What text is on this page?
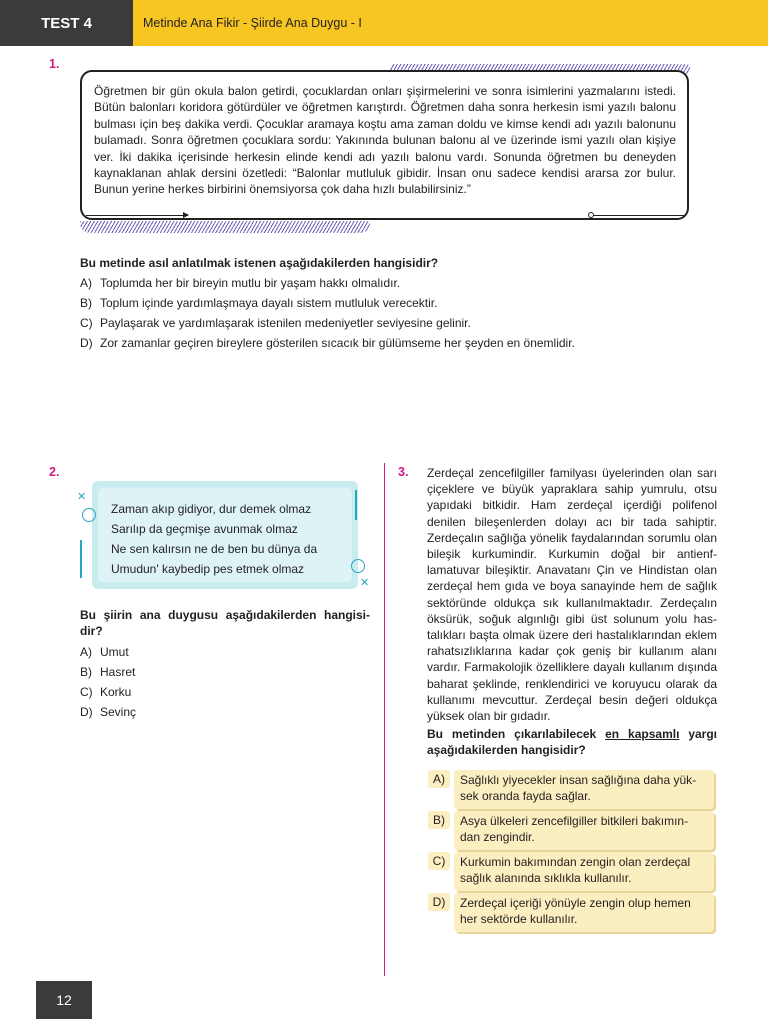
TEST 4	Metinde Ana Fikir - Şiirde Ana Duygu - I
1.
Öğretmen bir gün okula balon getirdi, çocuklardan onları şişirmelerini ve sonra isimlerini yazmalarını istedi. Bütün balonları koridora götürdüler ve öğretmen karıştırdı. Öğretmen daha sonra herkesin ismi yazılı balonu bulması için beş dakika verdi. Çocuklar aramaya koştu ama zaman doldu ve kimse kendi adı yazılı balonunu bulamadı. Sonra öğretmen çocuklara sordu: Yakınında bulunan balonu al ve üzerinde ismi yazılı olan kişiye ver. İki dakika içerisinde herkesin elinde kendi adı yazılı balonu vardı. Sonunda öğretmen bu deneyden kaynaklanan ahlak dersini özetledi: “Balonlar mutluluk gibidir. İnsan onu sadece kendisi ararsa zor bulur. Bunun yerine herkes birbirini önemsiyorsa çok daha hızlı bulabilirsiniz.”
Bu metinde asıl anlatılmak istenen aşağıdakilerden hangisidir?
A) Toplumda her bir bireyin mutlu bir yaşam hakkı olmalıdır.
B) Toplum içinde yardımlaşmaya dayalı sistem mutluluk verecektir.
C) Paylaşarak ve yardımlaşarak istenilen medeniyetler seviyesine gelinir.
D) Zor zamanlar geçiren bireylere gösterilen sıcacık bir gülümseme her şeyden en önemlidir.
2.
✕
✕
Zaman akıp gidiyor, dur demek olmaz
Sarılıp da geçmişe avunmak olmaz
Ne sen kalırsın ne de ben bu dünya da
Umudun' kaybedip pes etmek olmaz
Bu şiirin ana duygusu aşağıdakilerden hangisi-dir?
A) Umut
B) Hasret
C) Korku
D) Sevinç
3. Zerdeçal zencefilgiller familyası üyelerinden olan sarı çiçeklere ve büyük yapraklara sahip yumrulu, otsu yapıdaki bitkidir. Ham zerdeçal içerdiği polifenol denilen bileşenlerden dolayı acı bir tada sahiptir. Zerdeçalın sağlığa yönelik faydalarından sorumlu olan bileşik kurkumindir. Kurkumin doğal bir antienf-lamatuvar bileşiktir. Anavatanı Çin ve Hindistan olan zerdeçal hem gıda ve boya sanayinde hem de sağlık sektöründe oldukça sık kullanılmaktadır. Zerdeçalın öksürük, soğuk algınlığı gibi üst solunum yolu has-talıkları başta olmak üzere deri hastalıklarından eklem rahatsızlıklarına kadar çok geniş bir kullanım alanı vardır. Farmakolojik özelliklere dayalı kullanım dışında baharat şeklinde, renklendirici ve koruyucu olarak da kullanımı mevcuttur. Zerdeçal besin değeri oldukça yüksek olan bir gıdadır.
Bu metinden çıkarılabilecek en kapsamlı yargı aşağıdakilerden hangisidir?
A)	Sağlıklı yiyecekler insan sağlığına daha yük-sek oranda fayda sağlar.
B)	Asya ülkeleri zencefilgiller bitkileri bakımın-dan zengindir.
C)	Kurkumin bakımından zengin olan zerdeçal sağlık alanında sıklıkla kullanılır.
D)	Zerdeçal içeriği yönüyle zengin olup hemen her sektörde kullanılır.
12
